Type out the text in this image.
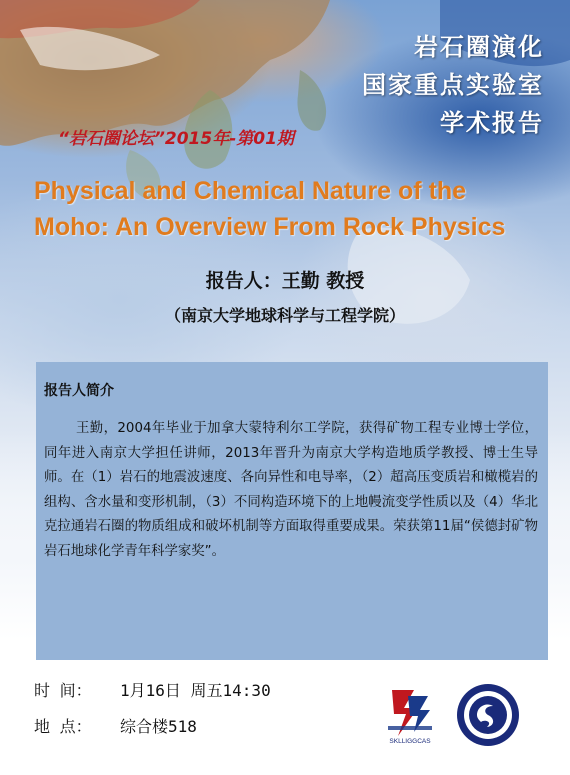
岩石圈演化
国家重点实验室
学术报告
“岩石圈论坛”2015年-第01期
Physical and Chemical Nature of the
Moho: An Overview From Rock Physics
报告人：王勤 教授
（南京大学地球科学与工程学院）
报告人简介
王勤，2004年毕业于加拿大蒙特利尔工学院，获得矿物工程专业博士学位，同年进入南京大学担任讲师，2013年晋升为南京大学构造地质学教授、博士生导师。在（1）岩石的地震波速度、各向异性和电导率，（2）超高压变质岩和橄榄岩的组构、含水量和变形机制，（3）不同构造环境下的上地幔流变学性质以及（4）华北克拉通岩石圈的物质组成和破坏机制等方面取得重要成果。荣获第11届“侯德封矿物岩石地球化学青年科学家奖”。
时 间： 1月16日 周五14:30
地 点： 综合楼518
SKLLIGGCAS
